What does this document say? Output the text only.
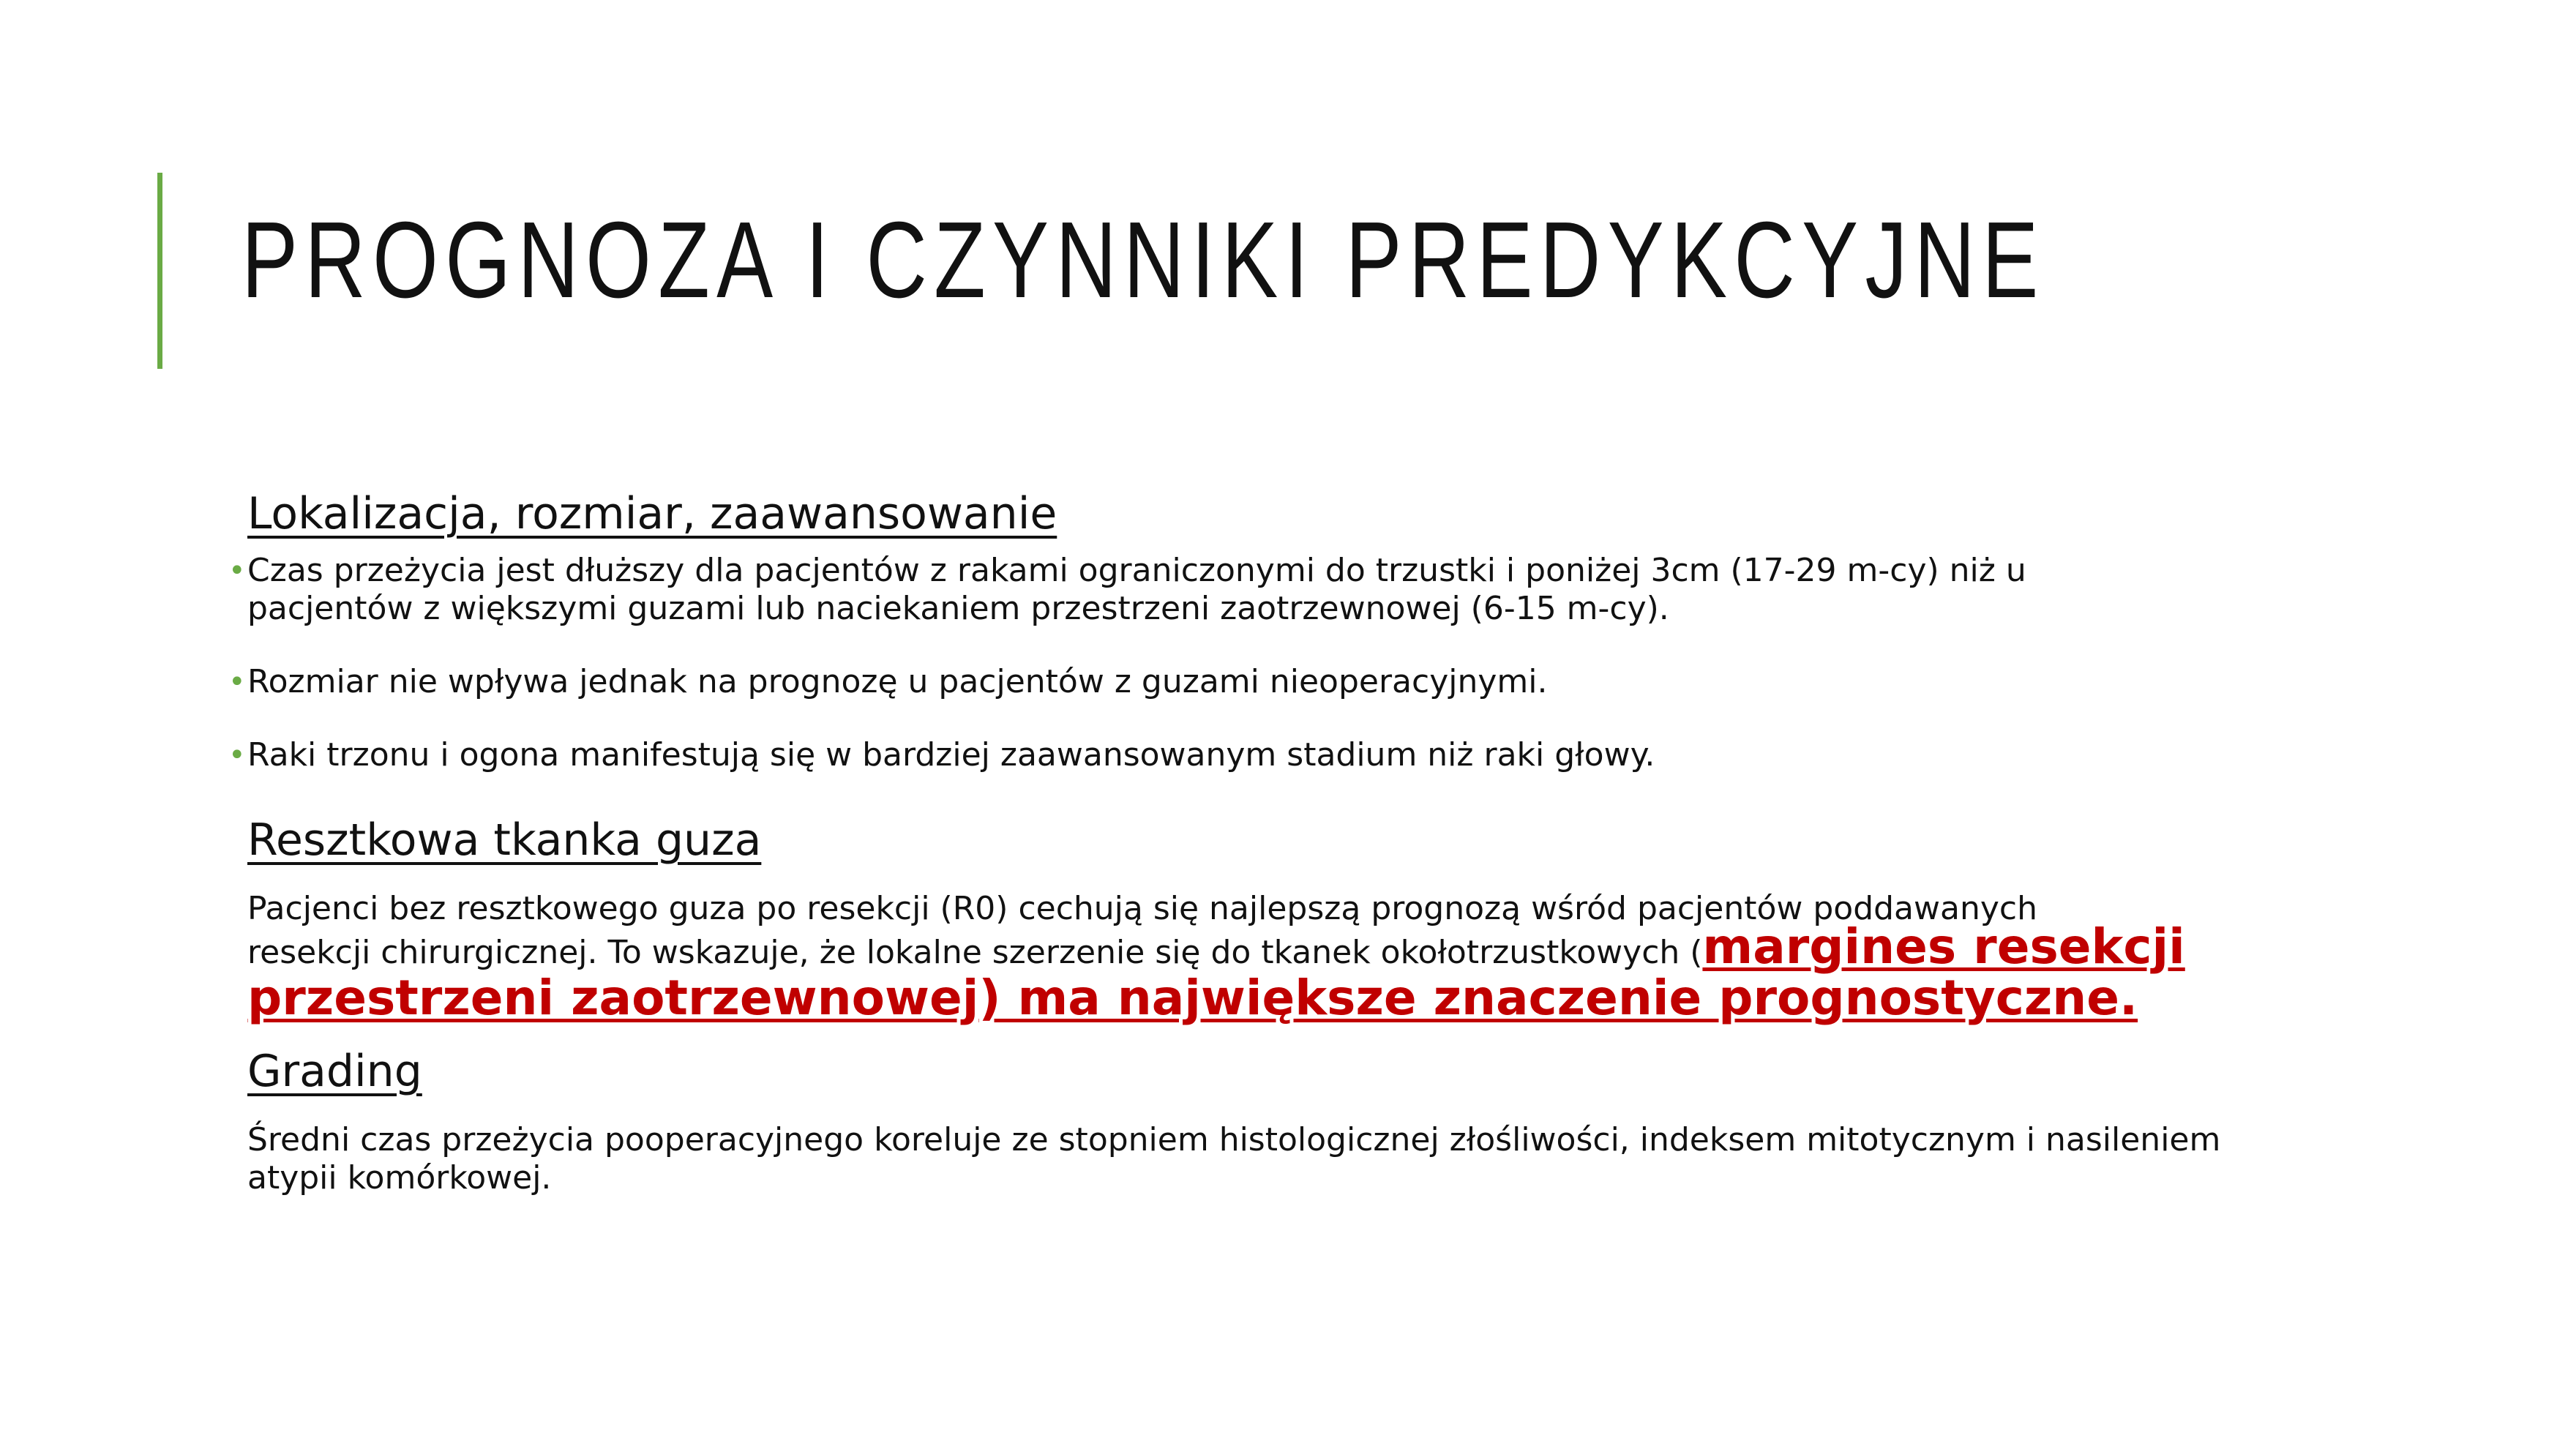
PROGNOZA I CZYNNIKI PREDYKCYJNE
Lokalizacja, rozmiar, zaawansowanie
• Czas przeżycia jest dłuższy dla pacjentów z rakami ograniczonymi do trzustki i poniżej 3cm (17-29 m-cy) niż u
pacjentów z większymi guzami lub naciekaniem przestrzeni zaotrzewnowej (6-15 m-cy).
• Rozmiar nie wpływa jednak na prognozę u pacjentów z guzami nieoperacyjnymi.
• Raki trzonu i ogona manifestują się w bardziej zaawansowanym stadium niż raki głowy.
Resztkowa tkanka guza
Pacjenci bez resztkowego guza po resekcji (R0) cechują się najlepszą prognozą wśród pacjentów poddawanych
resekcji chirurgicznej. To wskazuje, że lokalne szerzenie się do tkanek okołotrzustkowych (margines resekcji
przestrzeni zaotrzewnowej) ma największe znaczenie prognostyczne.
Grading
Średni czas przeżycia pooperacyjnego koreluje ze stopniem histologicznej złośliwości, indeksem mitotycznym i nasileniem
atypii komórkowej.
